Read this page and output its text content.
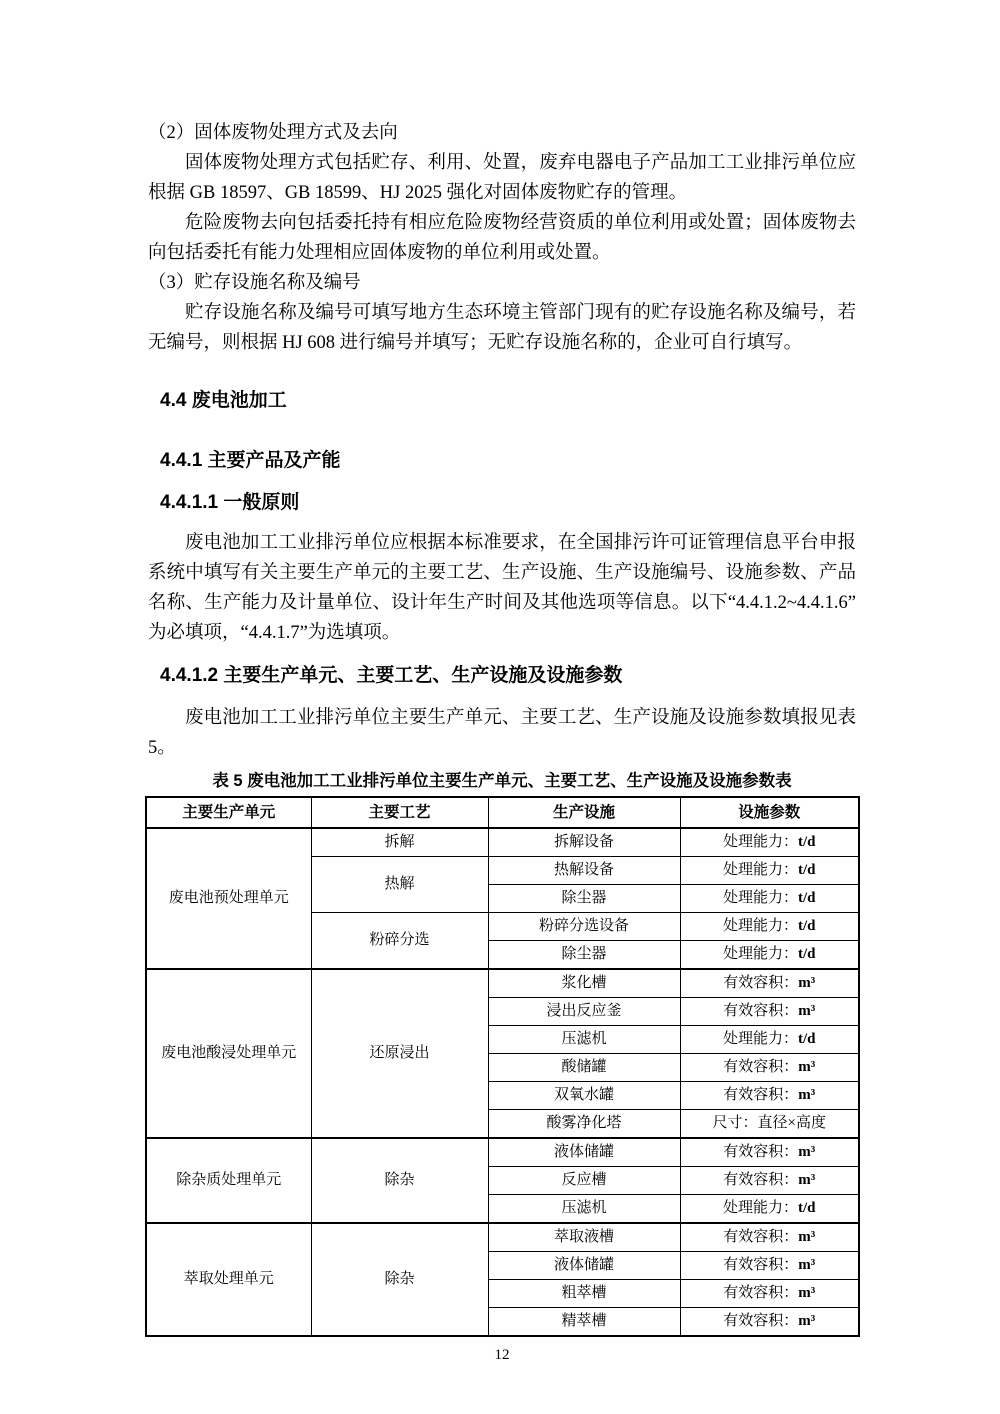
（2）固体废物处理方式及去向

固体废物处理方式包括贮存、利用、处置，废弃电器电子产品加工工业排污单位应根据 GB 18597、GB 18599、HJ 2025 强化对固体废物贮存的管理。

危险废物去向包括委托持有相应危险废物经营资质的单位利用或处置；固体废物去向包括委托有能力处理相应固体废物的单位利用或处置。

（3）贮存设施名称及编号

贮存设施名称及编号可填写地方生态环境主管部门现有的贮存设施名称及编号，若无编号，则根据 HJ 608 进行编号并填写；无贮存设施名称的，企业可自行填写。

4.4 废电池加工
4.4.1 主要产品及产能
4.4.1.1 一般原则

废电池加工工业排污单位应根据本标准要求，在全国排污许可证管理信息平台申报系统中填写有关主要生产单元的主要工艺、生产设施、生产设施编号、设施参数、产品名称、生产能力及计量单位、设计年生产时间及其他选项等信息。以下“4.4.1.2~4.4.1.6”为必填项，“4.4.1.7”为选填项。

4.4.1.2 主要生产单元、主要工艺、生产设施及设施参数

废电池加工工业排污单位主要生产单元、主要工艺、生产设施及设施参数填报见表 5。

表 5 废电池加工工业排污单位主要生产单元、主要工艺、生产设施及设施参数表
主要生产单元	主要工艺	生产设施	设施参数
废电池预处理单元	拆解	拆解设备	处理能力：t/d
	热解	热解设备	处理能力：t/d
		除尘器	处理能力：t/d
	粉碎分选	粉碎分选设备	处理能力：t/d
		除尘器	处理能力：t/d
废电池酸浸处理单元	还原浸出	浆化槽	有效容积：m³
		浸出反应釜	有效容积：m³
		压滤机	处理能力：t/d
		酸储罐	有效容积：m³
		双氧水罐	有效容积：m³
		酸雾净化塔	尺寸：直径×高度
除杂质处理单元	除杂	液体储罐	有效容积：m³
		反应槽	有效容积：m³
		压滤机	处理能力：t/d
萃取处理单元	除杂	萃取液槽	有效容积：m³
		液体储罐	有效容积：m³
		粗萃槽	有效容积：m³
		精萃槽	有效容积：m³
12
